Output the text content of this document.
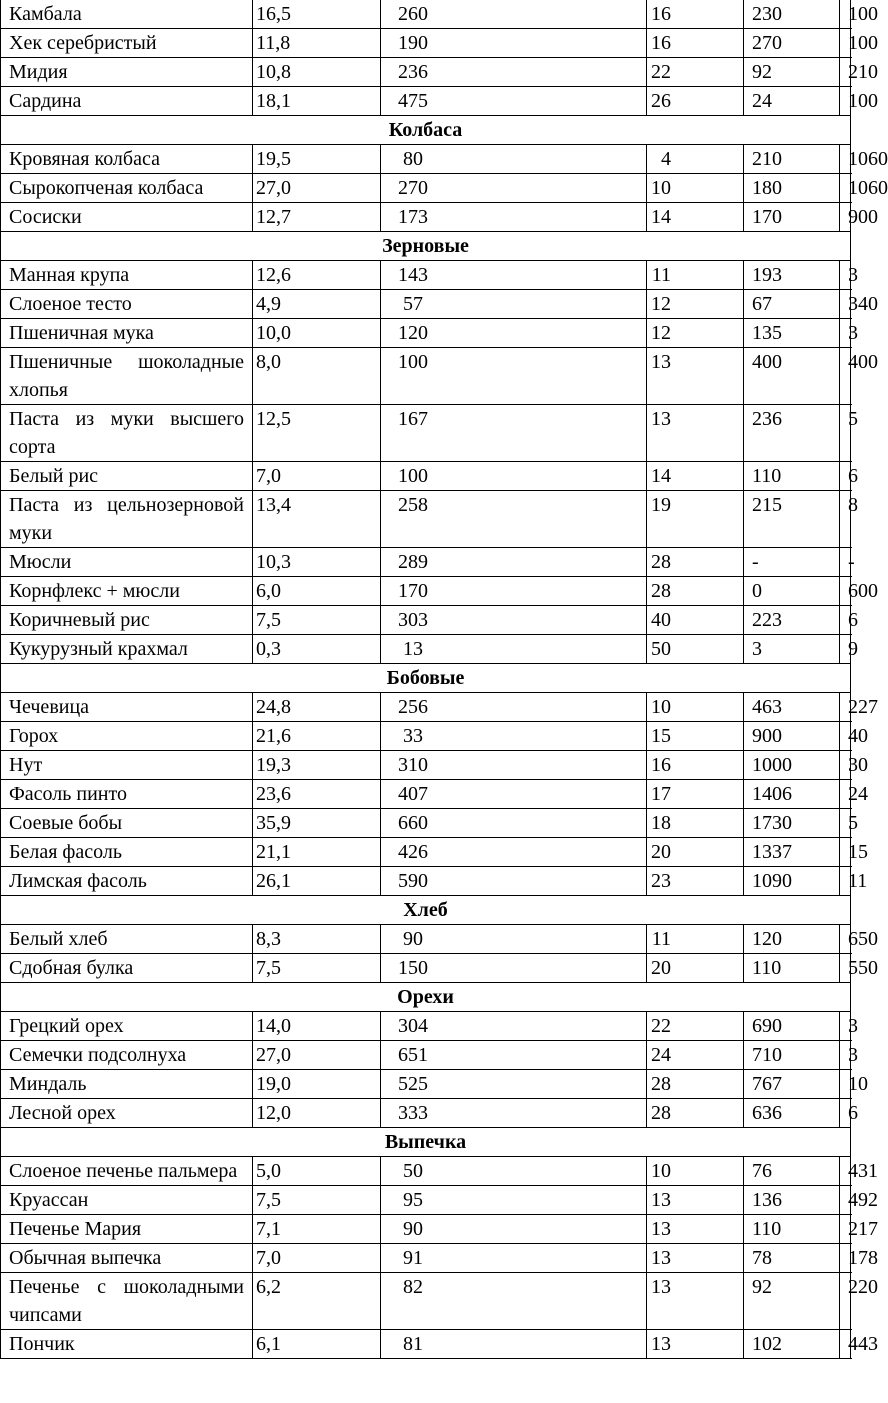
Камбала	16,5	260	16	230	100
Хек серебристый	11,8	190	16	270	100
Мидия	10,8	236	22	92	210
Сардина	18,1	475	26	24	100
Колбаса					
Кровяная колбаса	19,5	80	4	210	1060
Сырокопченая колбаса	27,0	270	10	180	1060
Сосиски	12,7	173	14	170	900
Зерновые					
Манная крупа	12,6	143	11	193	3
Слоеное тесто	4,9	57	12	67	340
Пшеничная мука	10,0	120	12	135	3
Пшеничные шоколадные хлопья	8,0	100	13	400	400
Паста из муки высшего сорта	12,5	167	13	236	5
Белый рис	7,0	100	14	110	6
Паста из цельнозерновой муки	13,4	258	19	215	8
Мюсли	10,3	289	28	-	-
Корнфлекс + мюсли	6,0	170	28	0	600
Коричневый рис	7,5	303	40	223	6
Кукурузный крахмал	0,3	13	50	3	9
Бобовые					
Чечевица	24,8	256	10	463	227
Горох	21,6	33	15	900	40
Нут	19,3	310	16	1000	30
Фасоль пинто	23,6	407	17	1406	24
Соевые бобы	35,9	660	18	1730	5
Белая фасоль	21,1	426	20	1337	15
Лимская фасоль	26,1	590	23	1090	11
Хлеб					
Белый хлеб	8,3	90	11	120	650
Сдобная булка	7,5	150	20	110	550
Орехи					
Грецкий орех	14,0	304	22	690	3
Семечки подсолнуха	27,0	651	24	710	3
Миндаль	19,0	525	28	767	10
Лесной орех	12,0	333	28	636	6
Выпечка					
Слоеное печенье пальмера	5,0	50	10	76	431
Круассан	7,5	95	13	136	492
Печенье Мария	7,1	90	13	110	217
Обычная выпечка	7,0	91	13	78	178
Печенье с шоколадными чипсами	6,2	82	13	92	220
Пончик	6,1	81	13	102	443
